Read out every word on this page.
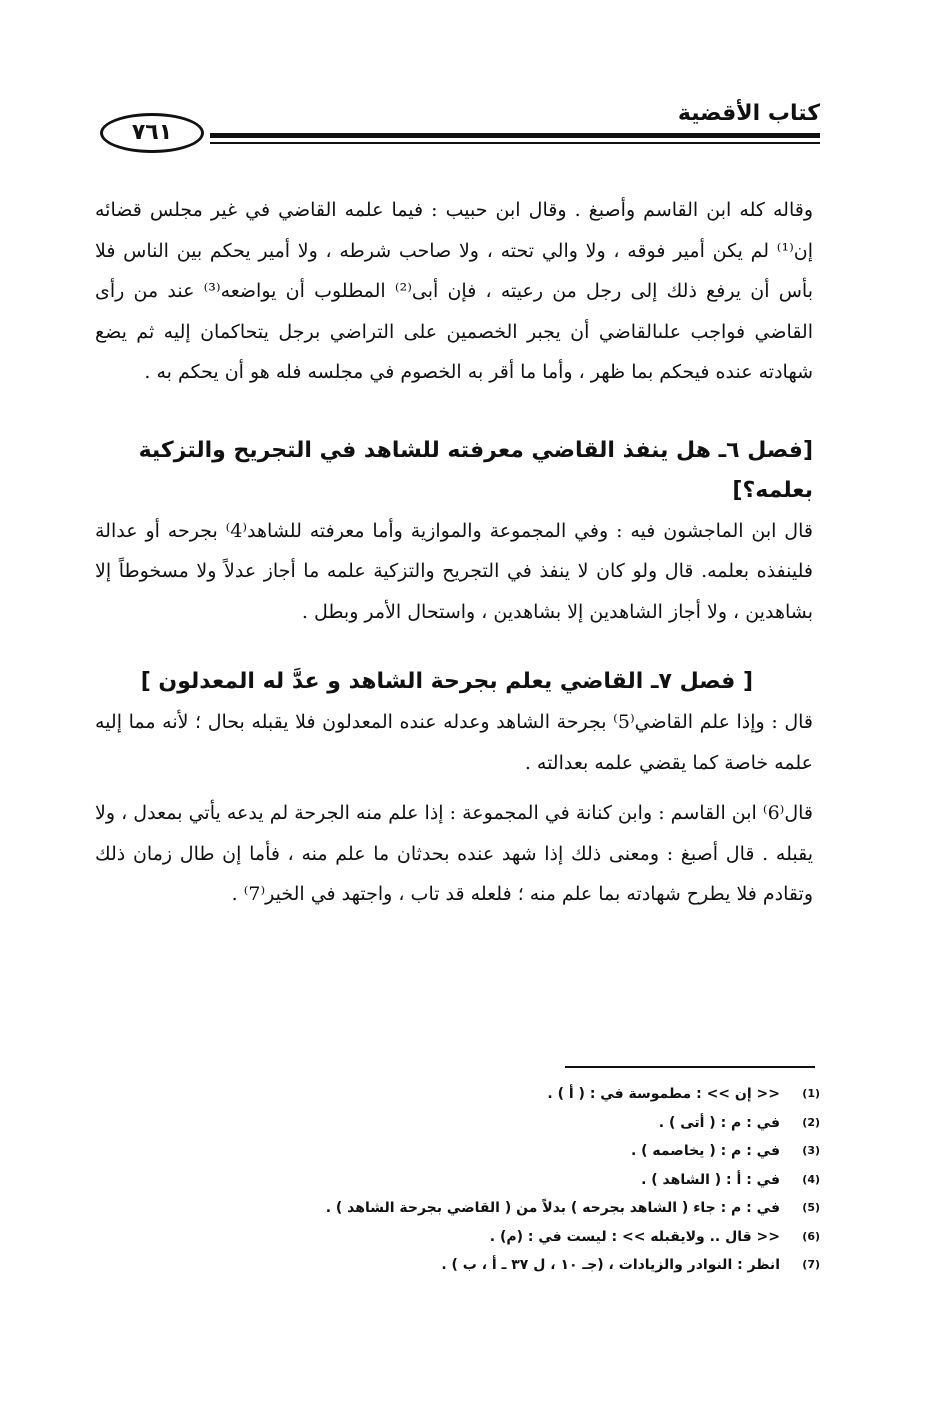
كتاب الأقضية
٧٦١

وقاله كله ابن القاسم وأصبغ . وقال ابن حبيب : فيما علمه القاضي في غير مجلس قضائه إن⁽¹⁾ لم يكن أمير فوقه ، ولا والي تحته ، ولا صاحب شرطه ، ولا أمير يحكم بين الناس فلا بأس أن يرفع ذلك إلى رجل من رعيته ، فإن أبى⁽²⁾ المطلوب أن يواضعه⁽³⁾ عند من رأى القاضي فواجب علىالقاضي أن يجبر الخصمين على التراضي برجل يتحاكمان إليه ثم يضع شهادته عنده فيحكم بما ظهر ، وأما ما أقر به الخصوم في مجلسه فله هو أن يحكم به .

[فصل ٦ـ هل ينفذ القاضي معرفته للشاهد في التجريح والتزكية بعلمه؟]

قال ابن الماجشون فيه : وفي المجموعة والموازية وأما معرفته للشاهد⁽4⁾ بجرحه أو عدالة فلينفذه بعلمه. قال ولو كان لا ينفذ في التجريح والتزكية علمه ما أجاز عدلاً ولا مسخوطاً إلا بشاهدين ، ولا أجاز الشاهدين إلا بشاهدين ، واستحال الأمر وبطل .

[ فصل ٧ـ القاضي يعلم بجرحة الشاهد و عدَّ له المعدلون ]

قال : وإذا علم القاضي⁽5⁾ بجرحة الشاهد وعدله عنده المعدلون فلا يقبله بحال ؛ لأنه مما إليه علمه خاصة كما يقضي علمه بعدالته .

قال⁽6⁾ ابن القاسم : وابن كنانة في المجموعة : إذا علم منه الجرحة لم يدعه يأتي بمعدل ، ولا يقبله . قال أصبغ : ومعنى ذلك إذا شهد عنده بحدثان ما علم منه ، فأما إن طال زمان ذلك وتقادم فلا يطرح شهادته بما علم منه ؛ فلعله قد تاب ، واجتهد في الخير⁽7⁾ .

(1)
<< إن >> : مطموسة في : ( أ ) .
(2)
في : م : ( أتى ) .
(3)
في : م : ( يخاصمه ) .
(4)
في : أ : ( الشاهد ) .
(5)
في : م : جاء ( الشاهد بجرحه ) بدلاً من ( القاضي بجرحة الشاهد ) .
(6)
<< قال .. ولايقبله >> : ليست في : (م) .
(7)
انظر : النوادر والزيادات ، (جـ ١٠ ، ل ٣٧ ـ أ ، ب ) .
